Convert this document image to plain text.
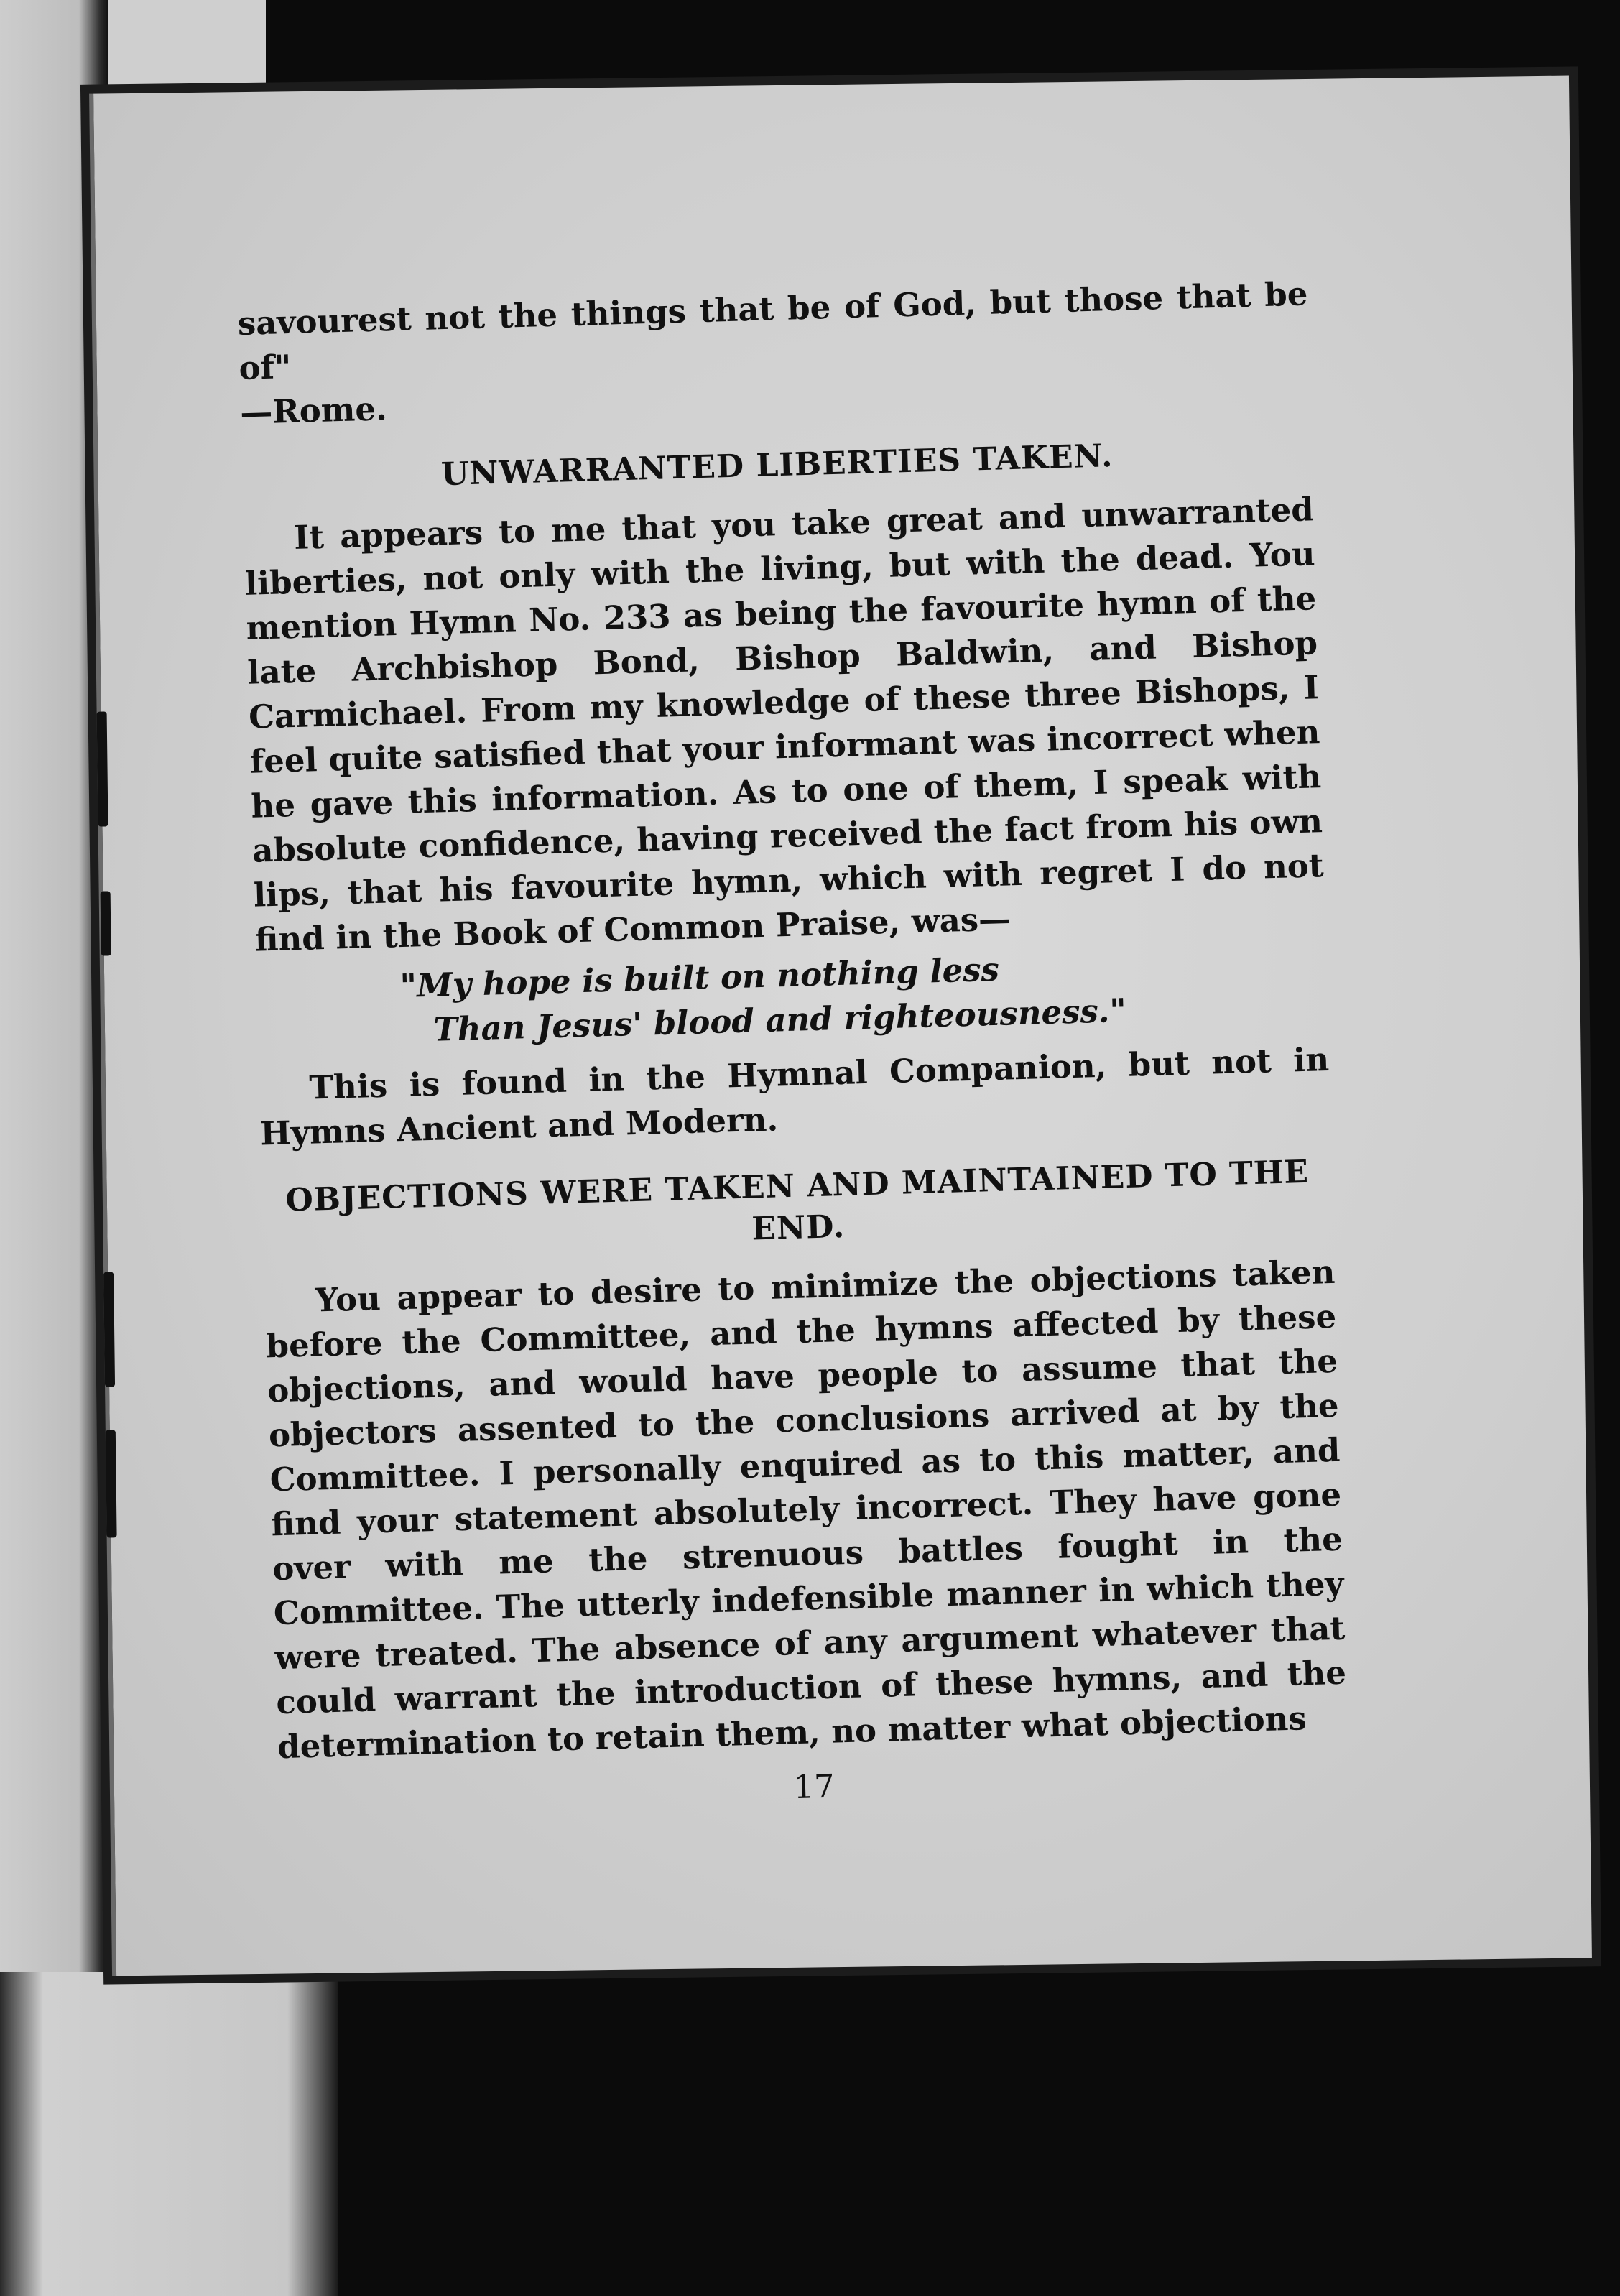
savourest not the things that be of God, but those that be of"
—Rome.

UNWARRANTED LIBERTIES TAKEN.

It appears to me that you take great and unwarranted liberties, not only with the living, but with the dead. You mention Hymn No. 233 as being the favourite hymn of the late Archbishop Bond, Bishop Baldwin, and Bishop Carmichael. From my knowledge of these three Bishops, I feel quite satisfied that your informant was incorrect when he gave this information. As to one of them, I speak with absolute confidence, having received the fact from his own lips, that his favourite hymn, which with regret I do not find in the Book of Common Praise, was—

"My hope is built on nothing less
Than Jesus' blood and righteousness."

This is found in the Hymnal Companion, but not in Hymns Ancient and Modern.

OBJECTIONS WERE TAKEN AND MAINTAINED TO THE END.

You appear to desire to minimize the objections taken before the Committee, and the hymns affected by these objections, and would have people to assume that the objectors assented to the conclusions arrived at by the Committee. I personally enquired as to this matter, and find your statement absolutely incorrect. They have gone over with me the strenuous battles fought in the Committee. The utterly indefensible manner in which they were treated. The absence of any argument whatever that could warrant the introduction of these hymns, and the determination to retain them, no matter what objections

17
